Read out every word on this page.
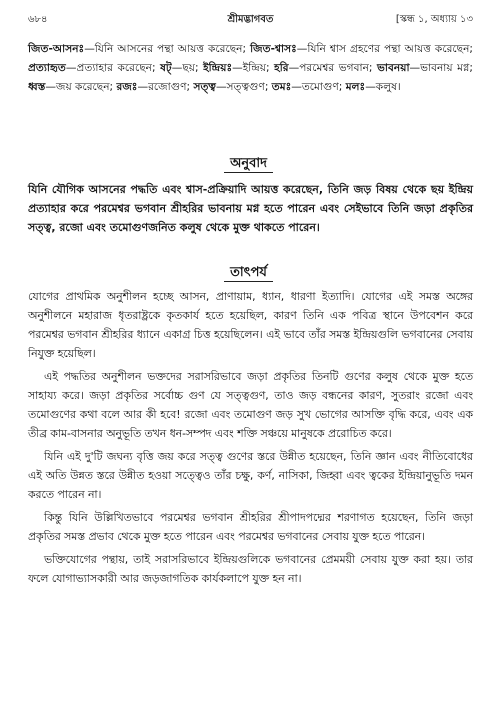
৬৮৪	শ্রীমদ্ভাগবত	[স্কন্ধ ১, অধ্যায় ১৩
জিত-আসনঃ—যিনি আসনের পন্থা আয়ত্ত করেছেন; জিত-শ্বাসঃ—যিনি শ্বাস গ্রহণের পন্থা আয়ত্ত করেছেন; প্রত্যাহৃত—প্রত্যাহার করেছেন; ষট্—ছয়; ইন্দ্রিয়ঃ—ইন্দ্রিয়; হরি—পরমেশ্বর ভগবান; ভাবনয়া—ভাবনায় মগ্ন; ধ্বস্ত—জয় করেছেন; রজঃ—রজোগুণ; সত্ত্ব—সত্ত্বগুণ; তমঃ—তমোগুণ; মলঃ—কলুষ।
অনুবাদ
যিনি যৌগিক আসনের পদ্ধতি এবং শ্বাস-প্রক্রিয়াদি আয়ত্ত করেছেন, তিনি জড় বিষয় থেকে ছয় ইন্দ্রিয় প্রত্যাহার করে পরমেশ্বর ভগবান শ্রীহরির ভাবনায় মগ্ন হতে পারেন এবং সেইভাবে তিনি জড়া প্রকৃতির সত্ত্ব, রজো এবং তমোগুণজনিত কলুষ থেকে মুক্ত থাকতে পারেন।
তাৎপর্য

যোগের প্রাথমিক অনুশীলন হচ্ছে আসন, প্রাণায়াম, ধ্যান, ধারণা ইত্যাদি। যোগের এই সমস্ত অঙ্গের অনুশীলনে মহারাজ ধৃতরাষ্ট্রকে কৃতকার্য হতে হয়েছিল, কারণ তিনি এক পবিত্র স্থানে উপবেশন করে পরমেশ্বর ভগবান শ্রীহরির ধ্যানে একাগ্র চিত্ত হয়েছিলেন। এই ভাবে তাঁর সমস্ত ইন্দ্রিয়গুলি ভগবানের সেবায় নিযুক্ত হয়েছিল।

এই পদ্ধতির অনুশীলন ভক্তদের সরাসরিভাবে জড়া প্রকৃতির তিনটি গুণের কলুষ থেকে মুক্ত হতে সাহায্য করে। জড়া প্রকৃতির সর্বোচ্চ গুণ যে সত্ত্বগুণ, তাও জড় বন্ধনের কারণ, সুতরাং রজো এবং তমোগুণের কথা বলে আর কী হবে! রজো এবং তমোগুণ জড় সুখ ভোগের আসক্তি বৃদ্ধি করে, এবং এক তীব্র কাম-বাসনার অনুভূতি তখন ধন-সম্পদ এবং শক্তি সঞ্চয়ে মানুষকে প্ররোচিত করে।

যিনি এই দু'টি জঘন্য বৃত্তি জয় করে সত্ত্ব গুণের স্তরে উন্নীত হয়েছেন, তিনি জ্ঞান এবং নীতিবোধের এই অতি উন্নত স্তরে উন্নীত হওয়া সত্ত্বেও তাঁর চক্ষু, কর্ণ, নাসিকা, জিহ্বা এবং ত্বকের ইন্দ্রিয়ানুভূতি দমন করতে পারেন না।

কিন্তু যিনি উল্লিখিতভাবে পরমেশ্বর ভগবান শ্রীহরির শ্রীপাদপদ্মের শরণাগত হয়েছেন, তিনি জড়া প্রকৃতির সমস্ত প্রভাব থেকে মুক্ত হতে পারেন এবং পরমেশ্বর ভগবানের সেবায় যুক্ত হতে পারেন।

ভক্তিযোগের পন্থায়, তাই সরাসরিভাবে ইন্দ্রিয়গুলিকে ভগবানের প্রেমময়ী সেবায় যুক্ত করা হয়। তার ফলে যোগাভ্যাসকারী আর জড়জাগতিক কার্যকলাপে যুক্ত হন না।
